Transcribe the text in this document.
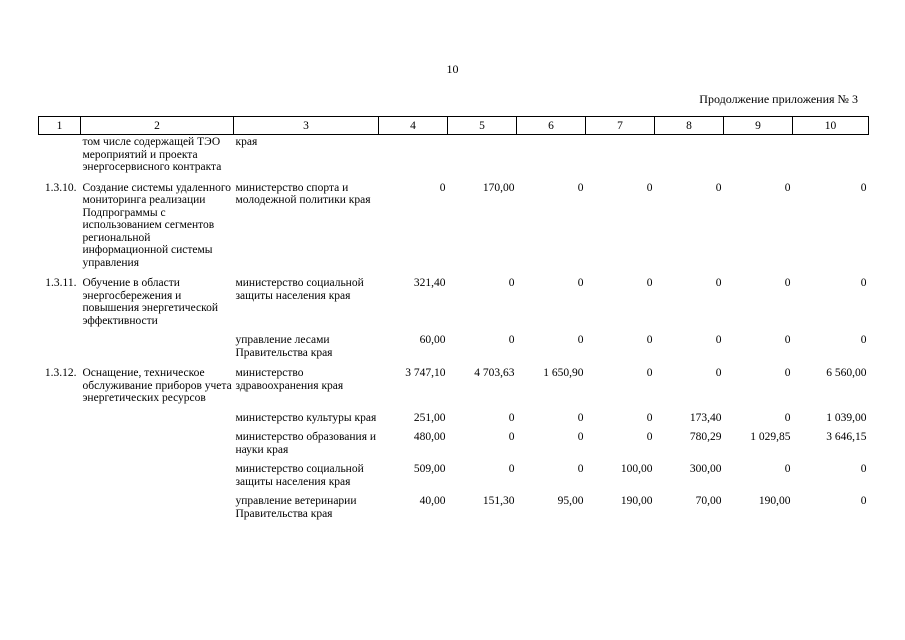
10
Продолжение приложения № 3
1	2	3	4	5	6	7	8	9	10
	том числе содержащей ТЭО мероприятий и проекта энергосервисного контракта	края							
1.3.10.	Создание системы удаленного мониторинга реализации Подпрограммы с использованием сегментов региональной информационной системы управления	министерство спорта и молодежной политики края	0	170,00	0	0	0	0	0
1.3.11.	Обучение в области энергосбережения и повышения энергетической эффективности	министерство социальной защиты населения края	321,40	0	0	0	0	0	0
		управление лесами Правительства края	60,00	0	0	0	0	0	0
1.3.12.	Оснащение, техническое обслуживание приборов учета энергетических ресурсов	министерство здравоохранения края	3 747,10	4 703,63	1 650,90	0	0	0	6 560,00
		министерство культуры края	251,00	0	0	0	173,40	0	1 039,00
		министерство образования и науки края	480,00	0	0	0	780,29	1 029,85	3 646,15
		министерство социальной защиты населения края	509,00	0	0	100,00	300,00	0	0
		управление ветеринарии Правительства края	40,00	151,30	95,00	190,00	70,00	190,00	0
